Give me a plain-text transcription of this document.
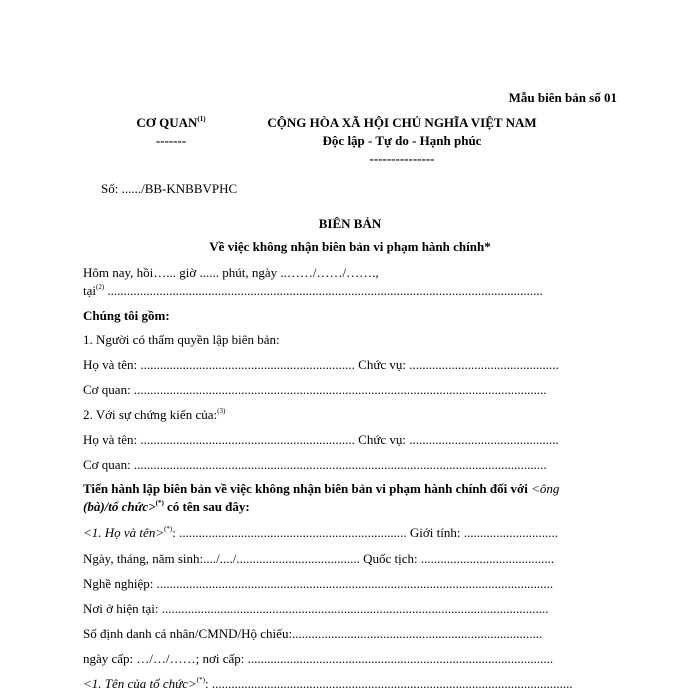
Mẫu biên bản số 01
CƠ QUAN$^{(1)}$
-------
CỘNG HÒA XÃ HỘI CHỦ NGHĨA VIỆT NAM
Độc lập - Tự do - Hạnh phúc
---------------
Số: ....../BB-KNBBVPHC
BIÊN BẢN
Về việc không nhận biên bản vi phạm hành chính*
Hôm nay, hồi…... giờ ...... phút, ngày ..……/……/…….,
tại$^{(2)}$ ......................................................................................................................................
Chúng tôi gồm:
1. Người có thẩm quyền lập biên bản:
Họ và tên: .................................................................. Chức vụ: ..............................................
Cơ quan: ...............................................................................................................................
2. Với sự chứng kiến của:$^{(3)}$
Họ và tên: .................................................................. Chức vụ: ..............................................
Cơ quan: ...............................................................................................................................
Tiến hành lập biên bản về việc không nhận biên bản vi phạm hành chính đối với <ông
(bà)/tổ chức>(*) có tên sau đây:
<1. Họ và tên>(*): ...................................................................... Giới tính: .............................
Ngày, tháng, năm sinh:..../..../...................................... Quốc tịch: .........................................
Nghề nghiệp: ..........................................................................................................................
Nơi ở hiện tại: .......................................................................................................................
Số định danh cá nhân/CMND/Hộ chiếu:.............................................................................
ngày cấp: …/…/……; nơi cấp: ..............................................................................................
<1. Tên của tổ chức>(*): ...............................................................................................................
